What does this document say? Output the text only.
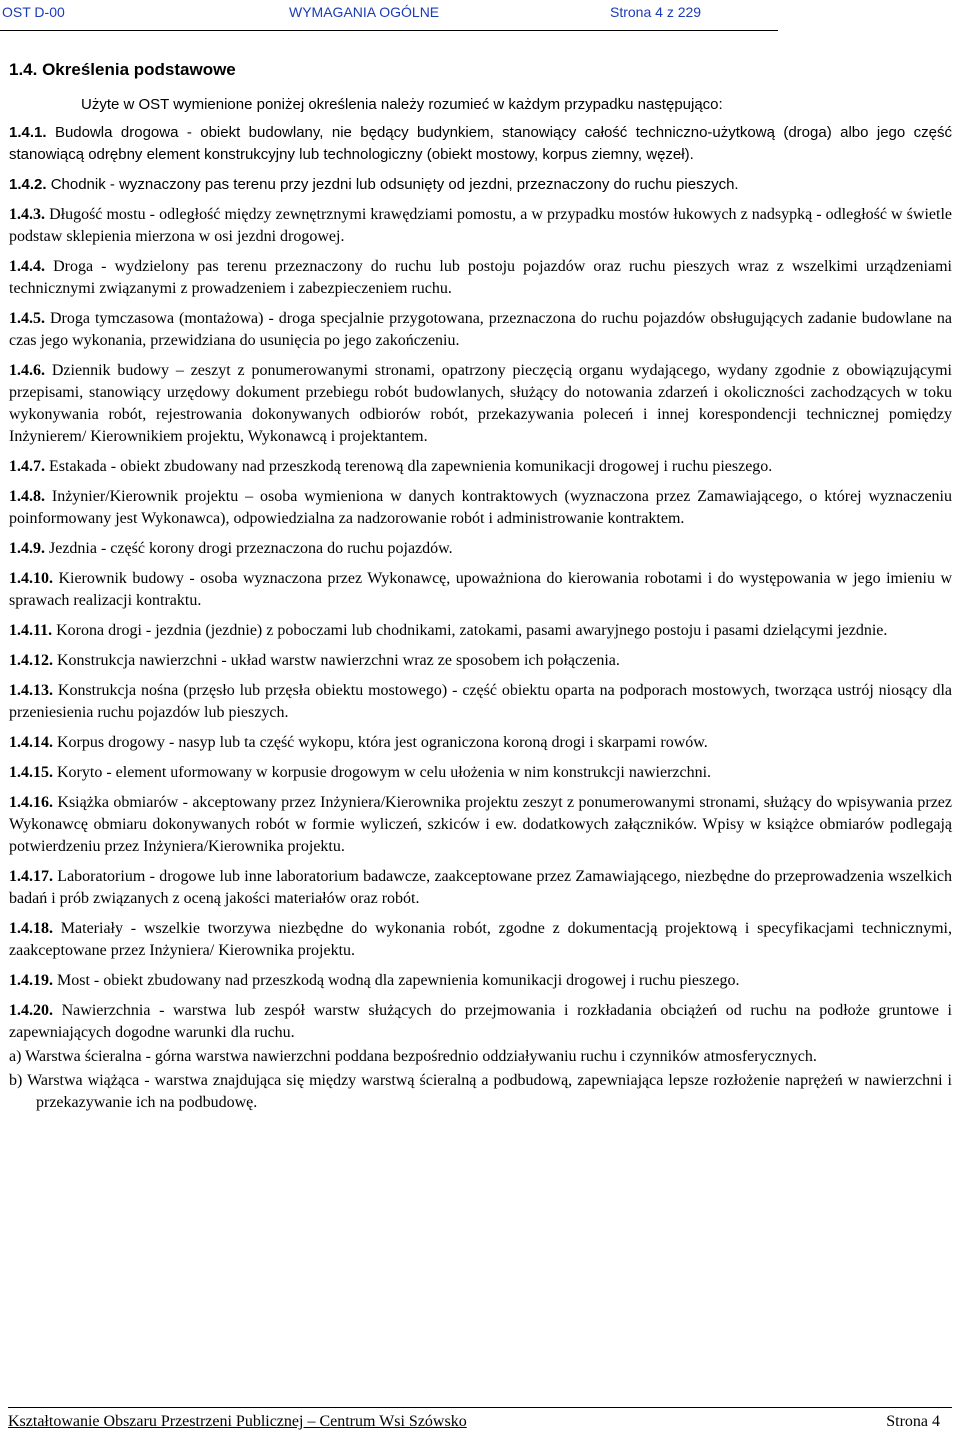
OST D-00	WYMAGANIA OGÓLNE	Strona 4 z 229
1.4. Określenia podstawowe

Użyte w OST wymienione poniżej określenia należy rozumieć w każdym przypadku następująco:

1.4.1. Budowla drogowa - obiekt budowlany, nie będący budynkiem, stanowiący całość techniczno-użytkową (droga) albo jego część stanowiącą odrębny element konstrukcyjny lub technologiczny (obiekt mostowy, korpus ziemny, węzeł).

1.4.2. Chodnik - wyznaczony pas terenu przy jezdni lub odsunięty od jezdni, przeznaczony do ruchu pieszych.

1.4.3. Długość mostu - odległość między zewnętrznymi krawędziami pomostu, a w przypadku mostów łukowych z nadsypką - odległość w świetle podstaw sklepienia mierzona w osi jezdni drogowej.

1.4.4. Droga - wydzielony pas terenu przeznaczony do ruchu lub postoju pojazdów oraz ruchu pieszych wraz z wszelkimi urządzeniami technicznymi związanymi z prowadzeniem i zabezpieczeniem ruchu.

1.4.5. Droga tymczasowa (montażowa) - droga specjalnie przygotowana, przeznaczona do ruchu pojazdów obsługujących zadanie budowlane na czas jego wykonania, przewidziana do usunięcia po jego zakończeniu.

1.4.6. Dziennik budowy – zeszyt z ponumerowanymi stronami, opatrzony pieczęcią organu wydającego, wydany zgodnie z obowiązującymi przepisami, stanowiący urzędowy dokument przebiegu robót budowlanych, służący do notowania zdarzeń i okoliczności zachodzących w toku wykonywania robót, rejestrowania dokonywanych odbiorów robót, przekazywania poleceń i innej korespondencji technicznej pomiędzy Inżynierem/ Kierownikiem projektu, Wykonawcą i projektantem.

1.4.7. Estakada - obiekt zbudowany nad przeszkodą terenową dla zapewnienia komunikacji drogowej i ruchu pieszego.

1.4.8. Inżynier/Kierownik projektu – osoba wymieniona w danych kontraktowych (wyznaczona przez Zamawiającego, o której wyznaczeniu poinformowany jest Wykonawca), odpowiedzialna za nadzorowanie robót i administrowanie kontraktem.

1.4.9. Jezdnia - część korony drogi przeznaczona do ruchu pojazdów.

1.4.10. Kierownik budowy - osoba wyznaczona przez Wykonawcę, upoważniona do kierowania robotami i do występowania w jego imieniu w sprawach realizacji kontraktu.

1.4.11. Korona drogi - jezdnia (jezdnie) z poboczami lub chodnikami, zatokami, pasami awaryjnego postoju i pasami dzielącymi jezdnie.

1.4.12. Konstrukcja nawierzchni - układ warstw nawierzchni wraz ze sposobem ich połączenia.

1.4.13. Konstrukcja nośna (przęsło lub przęsła obiektu mostowego) - część obiektu oparta na podporach mostowych, tworząca ustrój niosący dla przeniesienia ruchu pojazdów lub pieszych.

1.4.14. Korpus drogowy - nasyp lub ta część wykopu, która jest ograniczona koroną drogi i skarpami rowów.

1.4.15. Koryto - element uformowany w korpusie drogowym w celu ułożenia w nim konstrukcji nawierzchni.

1.4.16. Książka obmiarów - akceptowany przez Inżyniera/Kierownika projektu zeszyt z ponumerowanymi stronami, służący do wpisywania przez Wykonawcę obmiaru dokonywanych robót w formie wyliczeń, szkiców i ew. dodatkowych załączników. Wpisy w książce obmiarów podlegają potwierdzeniu przez Inżyniera/Kierownika projektu.

1.4.17. Laboratorium - drogowe lub inne laboratorium badawcze, zaakceptowane przez Zamawiającego, niezbędne do przeprowadzenia wszelkich badań i prób związanych z oceną jakości materiałów oraz robót.

1.4.18. Materiały - wszelkie tworzywa niezbędne do wykonania robót, zgodne z dokumentacją projektową i specyfikacjami technicznymi, zaakceptowane przez Inżyniera/ Kierownika projektu.

1.4.19. Most - obiekt zbudowany nad przeszkodą wodną dla zapewnienia komunikacji drogowej i ruchu pieszego.

1.4.20. Nawierzchnia - warstwa lub zespół warstw służących do przejmowania i rozkładania obciążeń od ruchu na podłoże gruntowe i zapewniających dogodne warunki dla ruchu.

a) Warstwa ścieralna - górna warstwa nawierzchni poddana bezpośrednio oddziaływaniu ruchu i czynników atmosferycznych.

b) Warstwa wiążąca - warstwa znajdująca się między warstwą ścieralną a podbudową, zapewniająca lepsze rozłożenie naprężeń w nawierzchni i przekazywanie ich na podbudowę.

Kształtowanie Obszaru Przestrzeni Publicznej – Centrum Wsi Szówsko	Strona 4
